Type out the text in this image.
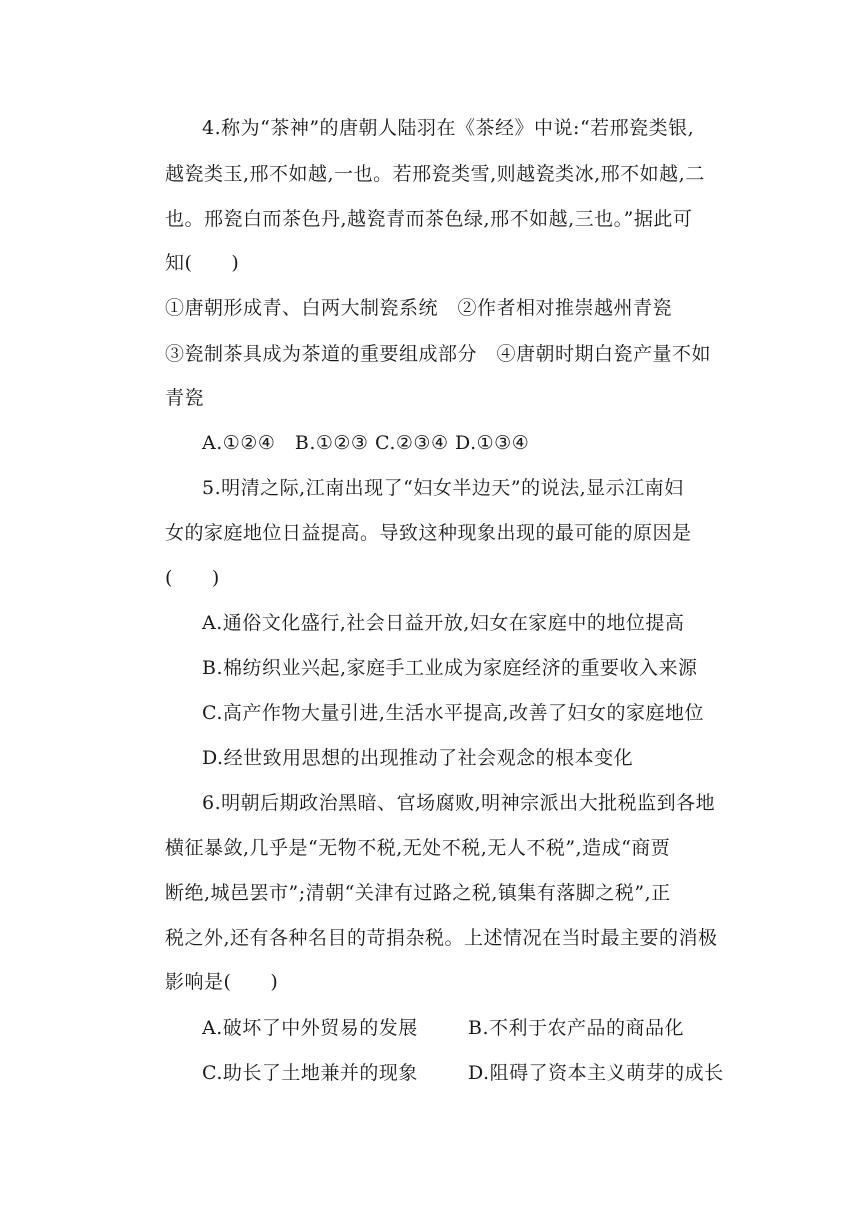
4.称为“茶神”的唐朝人陆羽在《茶经》中说:“若邢瓷类银,
越瓷类玉,邢不如越,一也。若邢瓷类雪,则越瓷类冰,邢不如越,二
也。邢瓷白而茶色丹,越瓷青而茶色绿,邢不如越,三也。”据此可
知(　　)
①唐朝形成青、白两大制瓷系统　②作者相对推崇越州青瓷
③瓷制茶具成为茶道的重要组成部分　④唐朝时期白瓷产量不如
青瓷
A.①②④　B.①②③ C.②③④ D.①③④
5.明清之际,江南出现了“妇女半边天”的说法,显示江南妇
女的家庭地位日益提高。导致这种现象出现的最可能的原因是
(　　)
A.通俗文化盛行,社会日益开放,妇女在家庭中的地位提高
B.棉纺织业兴起,家庭手工业成为家庭经济的重要收入来源
C.高产作物大量引进,生活水平提高,改善了妇女的家庭地位
D.经世致用思想的出现推动了社会观念的根本变化
6.明朝后期政治黑暗、官场腐败,明神宗派出大批税监到各地
横征暴敛,几乎是“无物不税,无处不税,无人不税”,造成“商贾
断绝,城邑罢市”;清朝“关津有过路之税,镇集有落脚之税”,正
税之外,还有各种名目的苛捐杂税。上述情况在当时最主要的消极
影响是(　　)
A.破坏了中外贸易的发展	B.不利于农产品的商品化
C.助长了土地兼并的现象	D.阻碍了资本主义萌芽的成长
